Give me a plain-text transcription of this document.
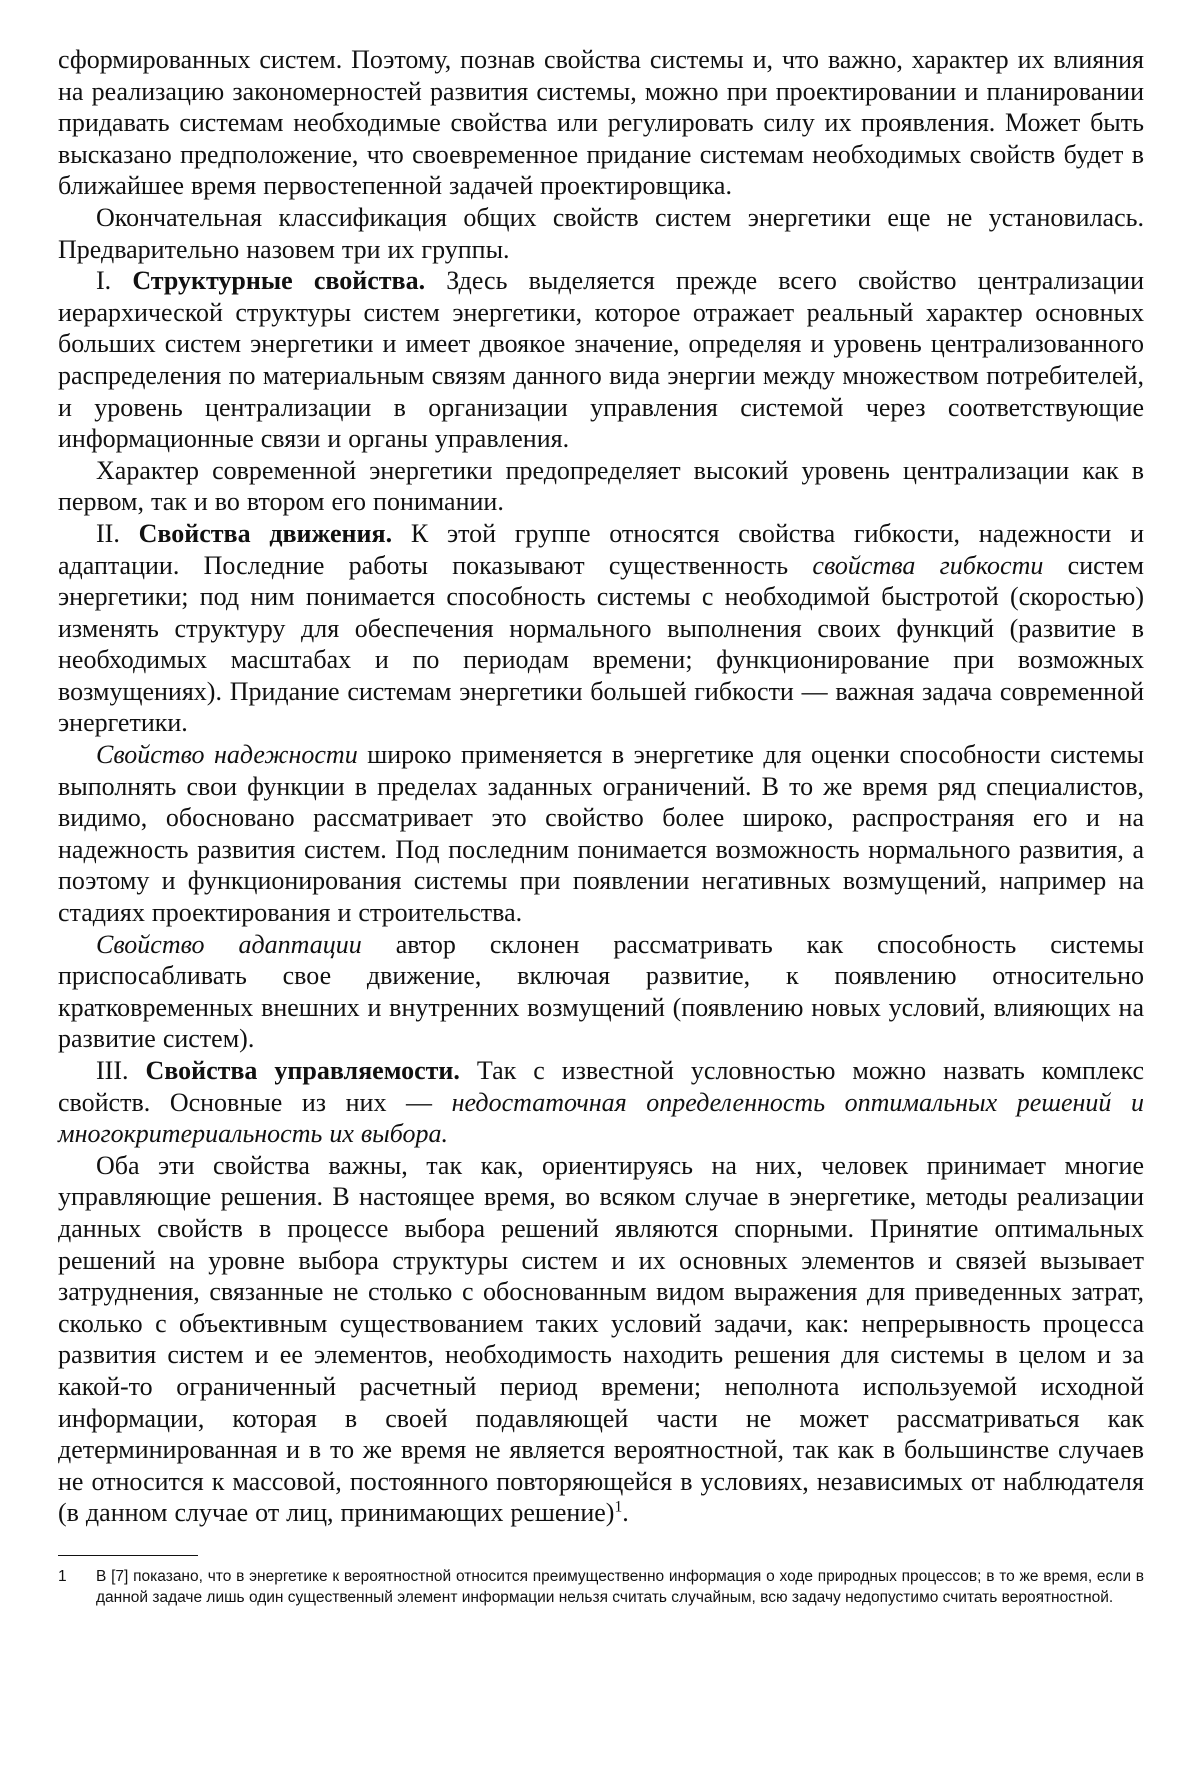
сформированных систем. Поэтому, познав свойства системы и, что важно, характер их влияния на реализацию закономерностей развития системы, можно при проектировании и планировании придавать системам необходимые свойства или регулировать силу их проявления. Может быть высказано предположение, что своевременное придание системам необходимых свойств будет в ближайшее время первостепенной задачей проектировщика.

Окончательная классификация общих свойств систем энергетики еще не установилась. Предварительно назовем три их группы.

I. Структурные свойства. Здесь выделяется прежде всего свойство централизации иерархической структуры систем энергетики, которое отражает реальный характер основных больших систем энергетики и имеет двоякое значение, определяя и уровень централизованного распределения по материальным связям данного вида энергии между множеством потребителей, и уровень централизации в организации управления системой через соответствующие информационные связи и органы управления.

Характер современной энергетики предопределяет высокий уровень централизации как в первом, так и во втором его понимании.

II. Свойства движения. К этой группе относятся свойства гибкости, надежности и адаптации. Последние работы показывают существенность свойства гибкости систем энергетики; под ним понимается способность системы с необходимой быстротой (скоростью) изменять структуру для обеспечения нормального выполнения своих функций (развитие в необходимых масштабах и по периодам времени; функционирование при возможных возмущениях). Придание системам энергетики большей гибкости — важная задача современной энергетики.

Свойство надежности широко применяется в энергетике для оценки способности системы выполнять свои функции в пределах заданных ограничений. В то же время ряд специалистов, видимо, обосновано рассматривает это свойство более широко, распространяя его и на надежность развития систем. Под последним понимается возможность нормального развития, а поэтому и функционирования системы при появлении негативных возмущений, например на стадиях проектирования и строительства.

Свойство адаптации автор склонен рассматривать как способность системы приспосабливать свое движение, включая развитие, к появлению относительно кратковременных внешних и внутренних возмущений (появлению новых условий, влияющих на развитие систем).

III. Свойства управляемости. Так с известной условностью можно назвать комплекс свойств. Основные из них — недостаточная определенность оптимальных решений и многокритериальность их выбора.

Оба эти свойства важны, так как, ориентируясь на них, человек принимает многие управляющие решения. В настоящее время, во всяком случае в энергетике, методы реализации данных свойств в процессе выбора решений являются спорными. Принятие оптимальных решений на уровне выбора структуры систем и их основных элементов и связей вызывает затруднения, связанные не столько с обоснованным видом выражения для приведенных затрат, сколько с объективным существованием таких условий задачи, как: непрерывность процесса развития систем и ее элементов, необходимость находить решения для системы в целом и за какой-то ограниченный расчетный период времени; неполнота используемой исходной информации, которая в своей подавляющей части не может рассматриваться как детерминированная и в то же время не является вероятностной, так как в большинстве случаев не относится к массовой, постоянного повторяющейся в условиях, независимых от наблюдателя (в данном случае от лиц, принимающих решение)$^1$.

1 В [7] показано, что в энергетике к вероятностной относится преимущественно информация о ходе природных процессов; в то же время, если в данной задаче лишь один существенный элемент информации нельзя считать случайным, всю задачу недопустимо считать вероятностной.
